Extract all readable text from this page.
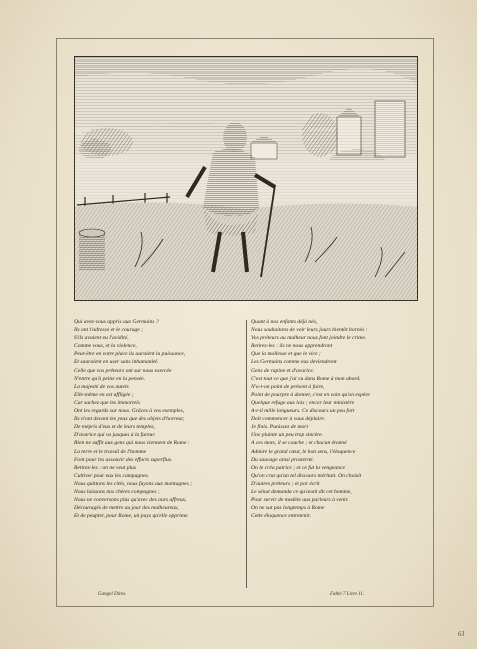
Qui avez-vous appris aux Germains ?
Ils ont l'adresse et le courage ;
S'ils avaient eu l'avidité,
Comme vous, et la violence,
Peut-être en votre place ils auraient la puissance,
Et sauraient en user sans inhumanité.
Celle que vos préteurs ont sur nous exercée
N'entre qu'à peine en la pensée.
La majesté de vos autels
Elle-même en est affligée ;
Car sachez que les immortels
Ont les regards sur nous. Grâces à vos exemples,
Ils n'ont devant les yeux que des objets d'horreur,
De mépris d'eux et de leurs temples,
D'avarice qui va jusques à la fureur.
Rien ne suffit aux gens qui nous viennent de Rome :
La terre et le travail de l'homme
Font pour les assouvir des efforts superflus.
Retirez-les : on ne veut plus
Cultiver pour eux les campagnes.
Nous quittons les cités, nous fuyons aux montagnes ;
Nous laissons nos chères compagnes ;
Nous ne conversons plus qu'avec des ours affreux,
Découragés de mettre au jour des malheureux,
Et de peupler, pour Rome, un pays qu'elle opprime.
Quant à nos enfants déjà nés,
Nous souhaitons de voir leurs jours bientôt bornés :
Vos préteurs au malheur nous font joindre le crime.
Retirez-les : ils ne nous apprendront
Que la mollesse et que le vice ;
Les Germains comme eux deviendront
Gens de rapine et d'avarice.
C'est tout ce que j'ai vu dans Rome à mon abord.
N'a-t-on point de présent à faire,
Point de pourpre à donner, c'est en vain qu'on espère
Quelque refuge aux lois ; encor leur ministère
A-t-il mille longueurs. Ce discours un peu fort
Doit commencer à vous déplaire.
Je finis. Punissez de mort
Une plainte un peu trop sincère.
A ces mots, il se couche ; et chacun étonné
Admire le grand cœur, le bon sens, l'éloquence
Du sauvage ainsi prosterné.
On le créa patrice ; et ce fut la vengeance
Qu'on crut qu'un tel discours méritait. On choisit
D'autres préteurs ; et par écrit
Le sénat demanda ce qu'avait dit cet homme,
Pour servir de modèle aux parleurs à venir.
On ne sut pas longtemps à Rome
Cette éloquence entretenir.
Gangel Direx.	Fable 7 Livre 11.
61
